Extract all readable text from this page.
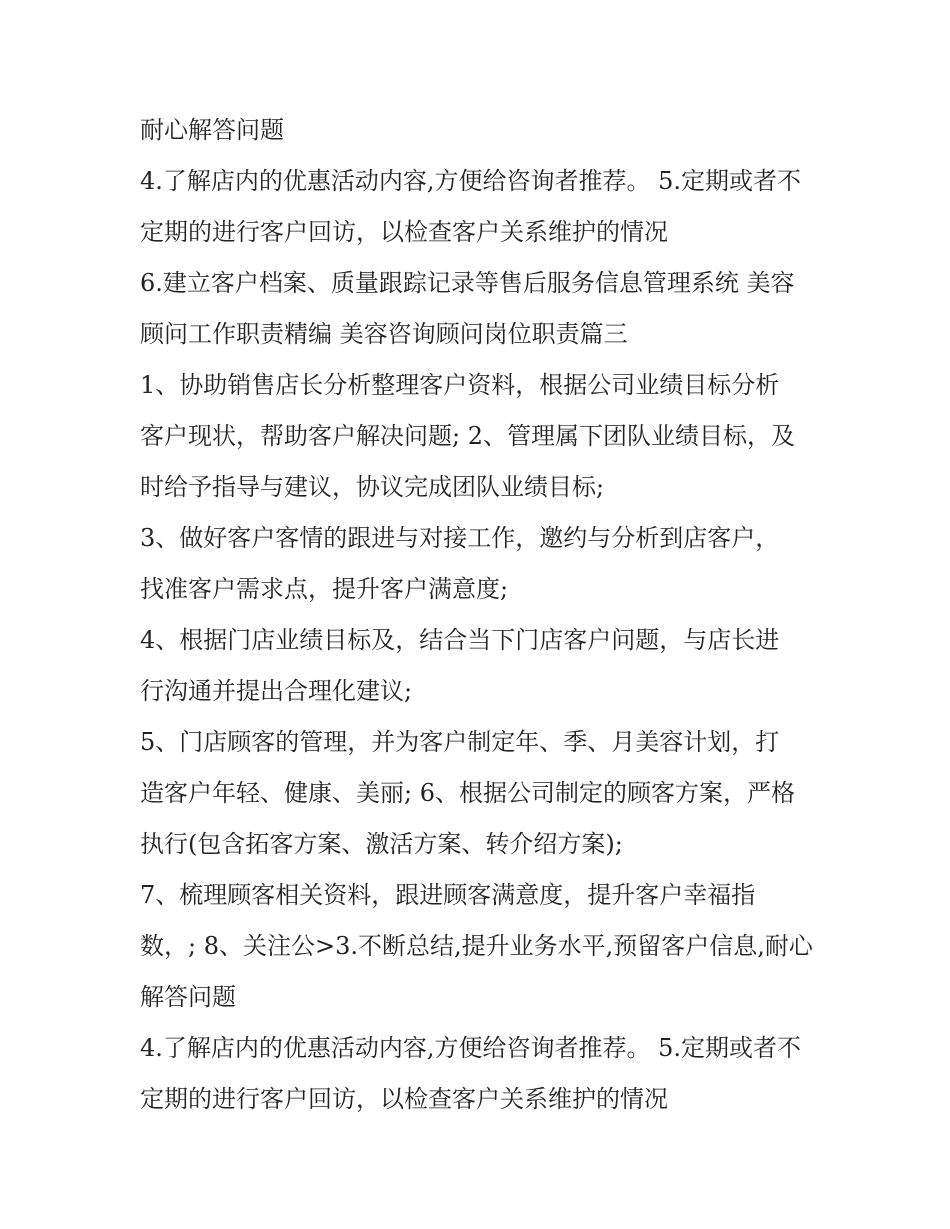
耐心解答问题
4.了解店内的优惠活动内容,方便给咨询者推荐。 5.定期或者不
定期的进行客户回访，以检查客户关系维护的情况
6.建立客户档案、质量跟踪记录等售后服务信息管理系统 美容
顾问工作职责精编 美容咨询顾问岗位职责篇三
1、协助销售店长分析整理客户资料，根据公司业绩目标分析
客户现状，帮助客户解决问题; 2、管理属下团队业绩目标，及
时给予指导与建议，协议完成团队业绩目标;
3、做好客户客情的跟进与对接工作，邀约与分析到店客户，
找准客户需求点，提升客户满意度;
4、根据门店业绩目标及，结合当下门店客户问题，与店长进
行沟通并提出合理化建议;
5、门店顾客的管理，并为客户制定年、季、月美容计划，打
造客户年轻、健康、美丽; 6、根据公司制定的顾客方案，严格
执行(包含拓客方案、激活方案、转介绍方案);
7、梳理顾客相关资料，跟进顾客满意度，提升客户幸福指
数，; 8、关注公>3.不断总结,提升业务水平,预留客户信息,耐心
解答问题
4.了解店内的优惠活动内容,方便给咨询者推荐。 5.定期或者不
定期的进行客户回访，以检查客户关系维护的情况
